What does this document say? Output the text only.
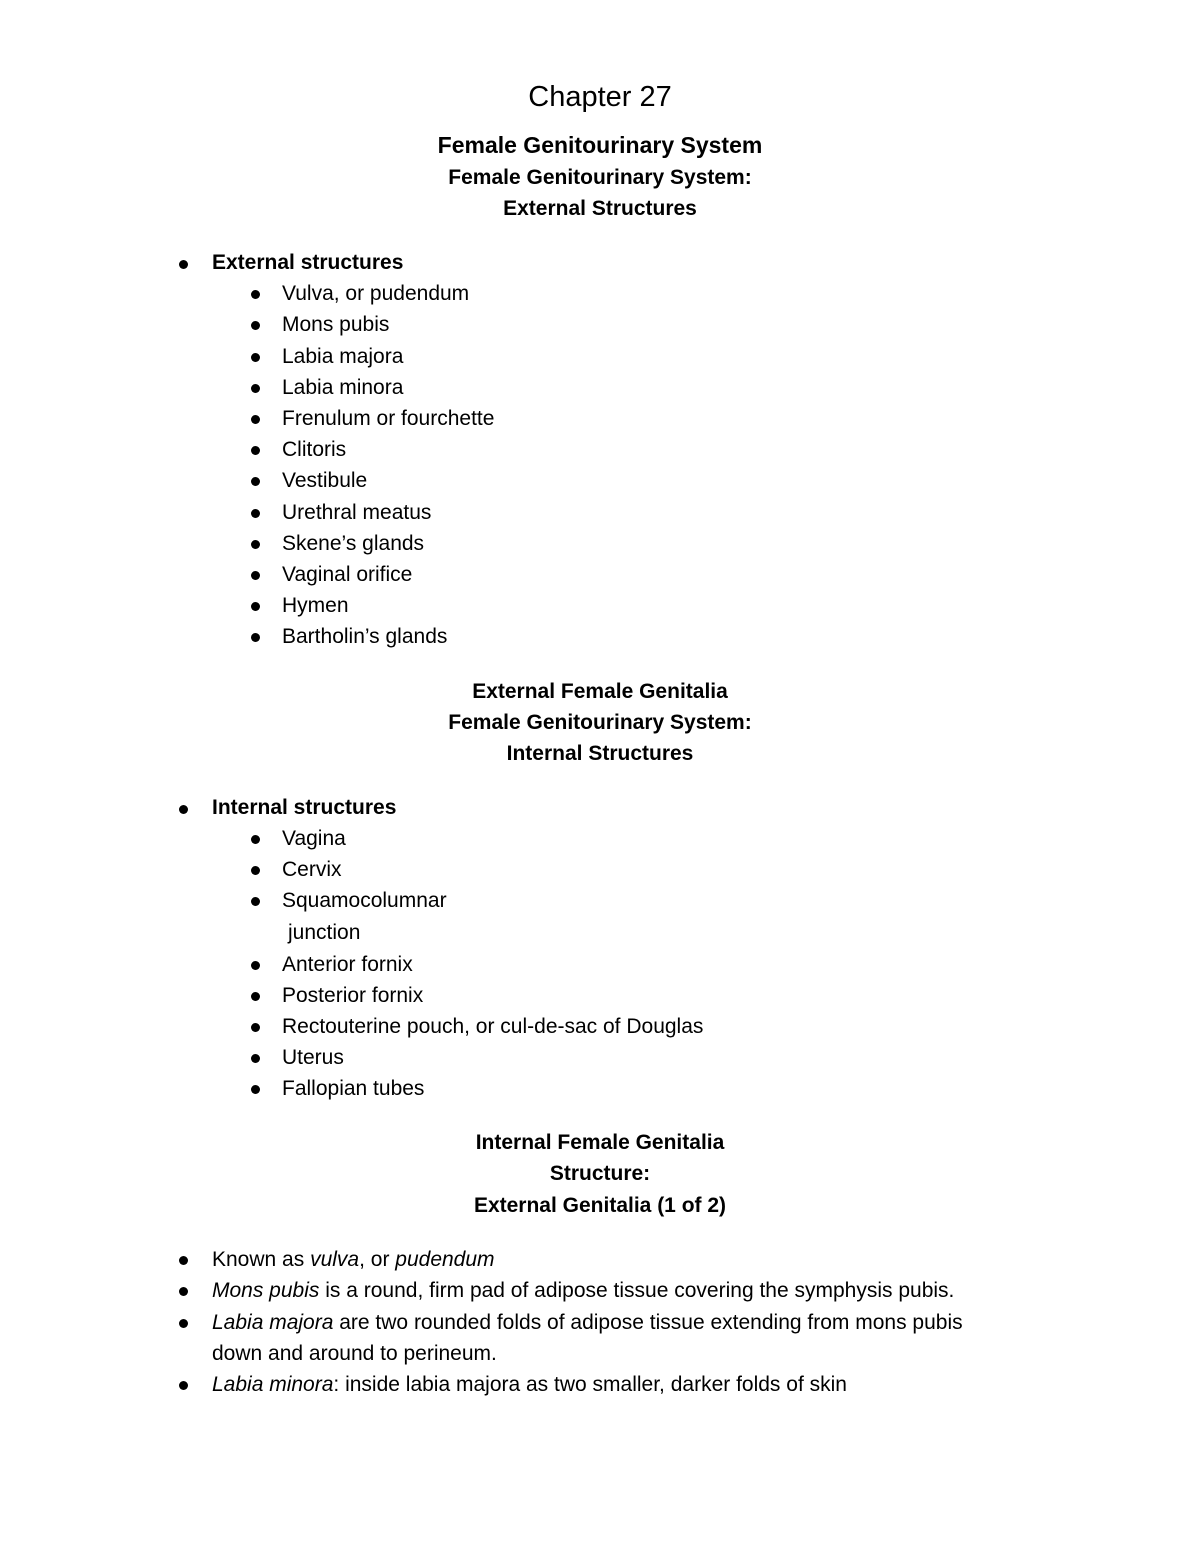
Chapter 27
Female Genitourinary System
Female Genitourinary System:
External Structures
External structures
Vulva, or pudendum
Mons pubis
Labia majora
Labia minora
Frenulum or fourchette
Clitoris
Vestibule
Urethral meatus
Skene’s glands
Vaginal orifice
Hymen
Bartholin’s glands
External Female Genitalia
Female Genitourinary System:
Internal Structures
Internal structures
Vagina
Cervix
Squamocolumnar
junction
Anterior fornix
Posterior fornix
Rectouterine pouch, or cul-de-sac of Douglas
Uterus
Fallopian tubes
Internal Female Genitalia
Structure:
External Genitalia (1 of 2)
Known as vulva, or pudendum
Mons pubis is a round, firm pad of adipose tissue covering the symphysis pubis.
Labia majora are two rounded folds of adipose tissue extending from mons pubis
down and around to perineum.
Labia minora: inside labia majora as two smaller, darker folds of skin
